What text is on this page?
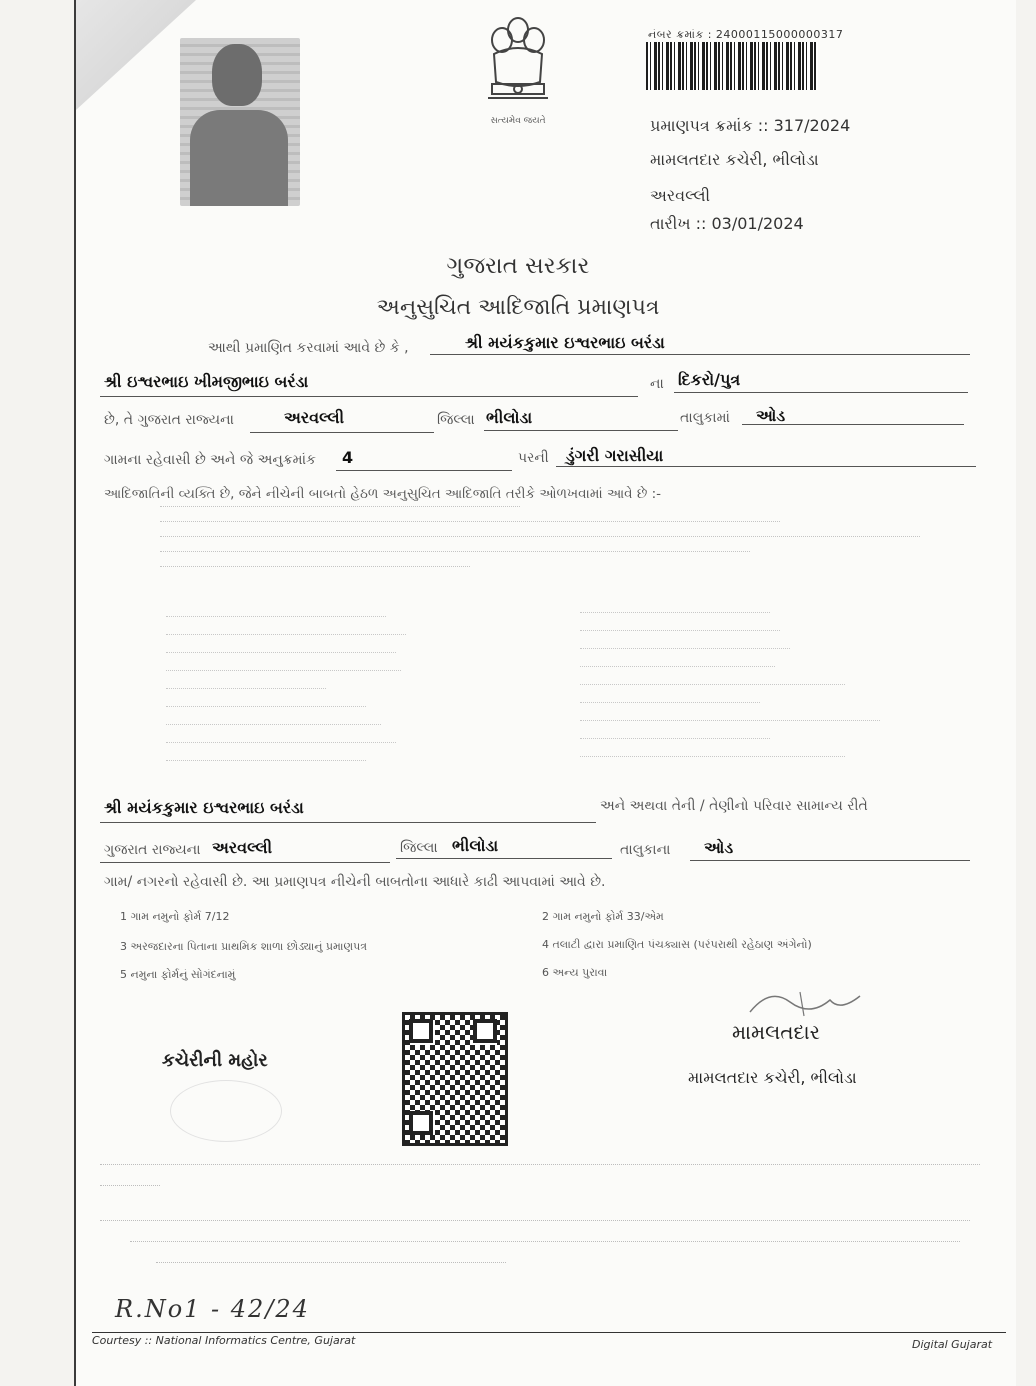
સત્યમેવ જયતે
નંબર ક્રમાંક : 24000115000000317
પ્રમાણપત્ર ક્રમાંક :: 317/2024
મામલતદાર કચેરી, ભીલોડા
અરવલ્લી
તારીખ :: 03/01/2024
ગુજરાત સરકાર
અનુસુચિત આદિજાતિ પ્રમાણપત્ર
આથી પ્રમાણિત કરવામાં આવે છે કે ,	શ્રી મયંકકુમાર ઇશ્વરભાઇ બરંડા
શ્રી ઇશ્વરભાઇ ખીમજીભાઇ બરંડા	ના દિકરો/પુત્ર
છે, તે ગુજરાત રાજ્યના	અરવલ્લી	જિલ્લા ભીલોડા	તાલુકામાં ઓડ
ગામના રહેવાસી છે અને જે અનુક્રમાંક 4	પરની ડુંગરી ગરાસીયા
આદિજાતિની વ્યક્તિ છે, જેને નીચેની બાબતો હેઠળ અનુસુચિત આદિજાતિ તરીકે ઓળખવામાં આવે છે :-
શ્રી મયંકકુમાર ઇશ્વરભાઇ બરંડા	અને અથવા તેની / તેણીનો પરિવાર સામાન્ય રીતે
ગુજરાત રાજ્યના અરવલ્લી	જિલ્લા ભીલોડા	તાલુકાના ઓડ
ગામ/ નગરનો રહેવાસી છે. આ પ્રમાણપત્ર નીચેની બાબતોના આધારે કાઢી આપવામાં આવે છે.
1 ગામ નમુનો ફોર્મ 7/12	2 ગામ નમુનો ફોર્મ 33/એમ
3 અરજદારના પિતાના પ્રાથમિક શાળા છોડ્યાનું પ્રમાણપત્ર	4 તલાટી દ્વારા પ્રમાણિત પંચક્યાસ (પરંપરાથી રહેઠાણ અંગેનો)
5 નમુના ફોર્મનું સોગંદનામું	6 અન્ય પુરાવા
કચેરીની મહોર
મામલતદાર
મામલતદાર કચેરી, ભીલોડા
R.No1 - 42/24
Courtesy :: National Informatics Centre, Gujarat	Digital Gujarat
